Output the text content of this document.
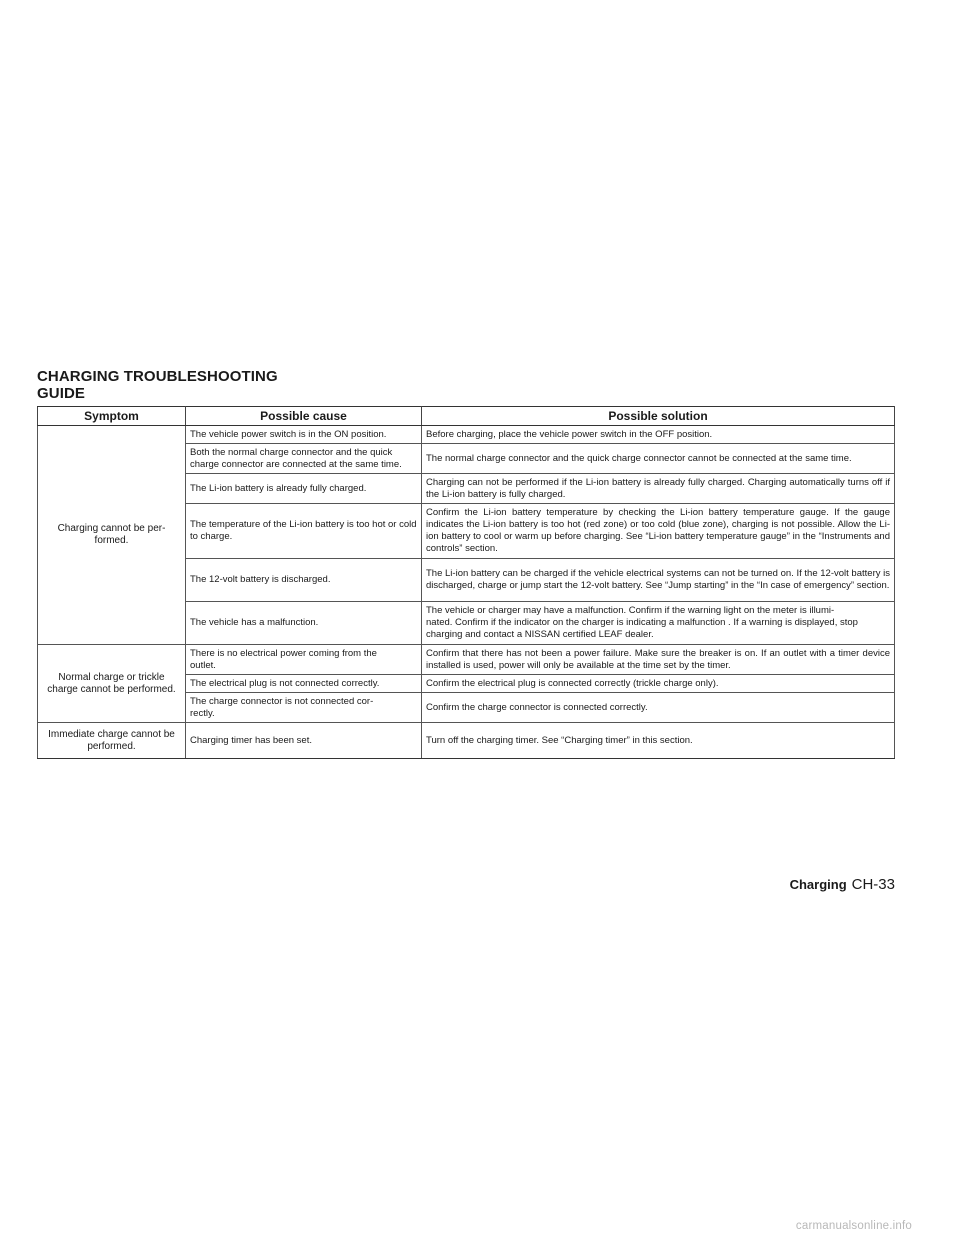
CHARGING TROUBLESHOOTING
GUIDE
Symptom	Possible cause	Possible solution
Charging cannot be per-
formed.	The vehicle power switch is in the ON position.	Before charging, place the vehicle power switch in the OFF position.
	Both the normal charge connector and the quick charge connector are connected at the same time.	The normal charge connector and the quick charge connector cannot be connected at the same time.
	The Li-ion battery is already fully charged.	Charging can not be performed if the Li-ion battery is already fully charged. Charging automatically turns off if the Li-ion battery is fully charged.
	The temperature of the Li-ion battery is too hot or cold to charge.	Confirm the Li-ion battery temperature by checking the Li-ion battery temperature gauge. If the gauge indicates the Li-ion battery is too hot (red zone) or too cold (blue zone), charging is not possible. Allow the Li-ion battery to cool or warm up before charging. See “Li-ion battery temperature gauge” in the “Instruments and controls” section.
	The 12-volt battery is discharged.	The Li-ion battery can be charged if the vehicle electrical systems can not be turned on. If the 12-volt battery is discharged, charge or jump start the 12-volt battery. See “Jump starting” in the “In case of emergency” section.
	The vehicle has a malfunction.	The vehicle or charger may have a malfunction. Confirm if the warning light on the meter is illumi-
nated. Confirm if the indicator on the charger is indicating a malfunction . If a warning is displayed, stop charging and contact a NISSAN certified LEAF dealer.
Normal charge or trickle
charge cannot be performed.	There is no electrical power coming from the
outlet.	Confirm that there has not been a power failure. Make sure the breaker is on. If an outlet with a timer device installed is used, power will only be available at the time set by the timer.
	The electrical plug is not connected correctly.	Confirm the electrical plug is connected correctly (trickle charge only).
	The charge connector is not connected cor-
rectly.	Confirm the charge connector is connected correctly.
Immediate charge cannot be
performed.	Charging timer has been set.	Turn off the charging timer. See “Charging timer” in this section.
Charging CH-33
carmanualsonline.info
